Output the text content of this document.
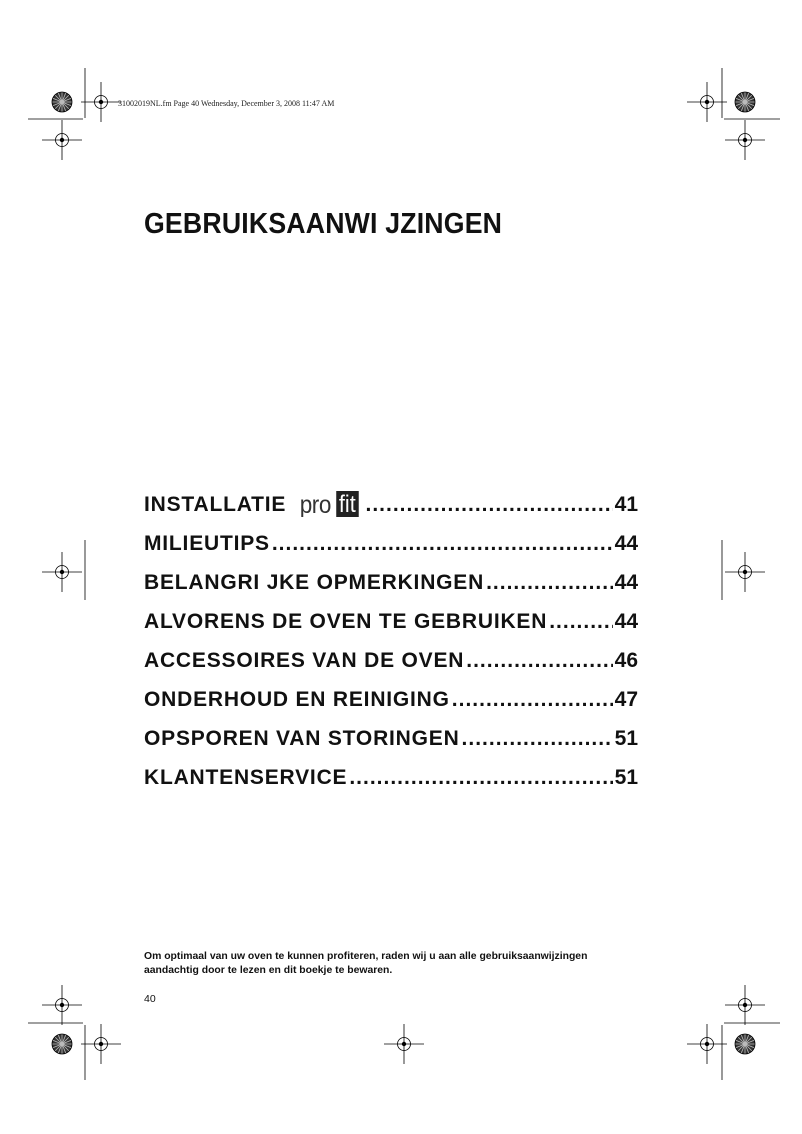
31002019NL.fm Page 40 Wednesday, December 3, 2008 11:47 AM
GEBRUIKSAANWI JZINGEN
INSTALLATIE pro fit .....	41
MILIEUTIPS .....	44
BELANGRI JKE OPMERKINGEN .....	44
ALVORENS DE OVEN TE GEBRUIKEN .....	44
ACCESSOIRES VAN DE OVEN .....	46
ONDERHOUD EN REINIGING .....	47
OPSPOREN VAN STORINGEN .....	51
KLANTENSERVICE .....	51

Om optimaal van uw oven te kunnen profiteren, raden wij u aan alle gebruiksaanwijzingen aandachtig door te lezen en dit boekje te bewaren.

40
